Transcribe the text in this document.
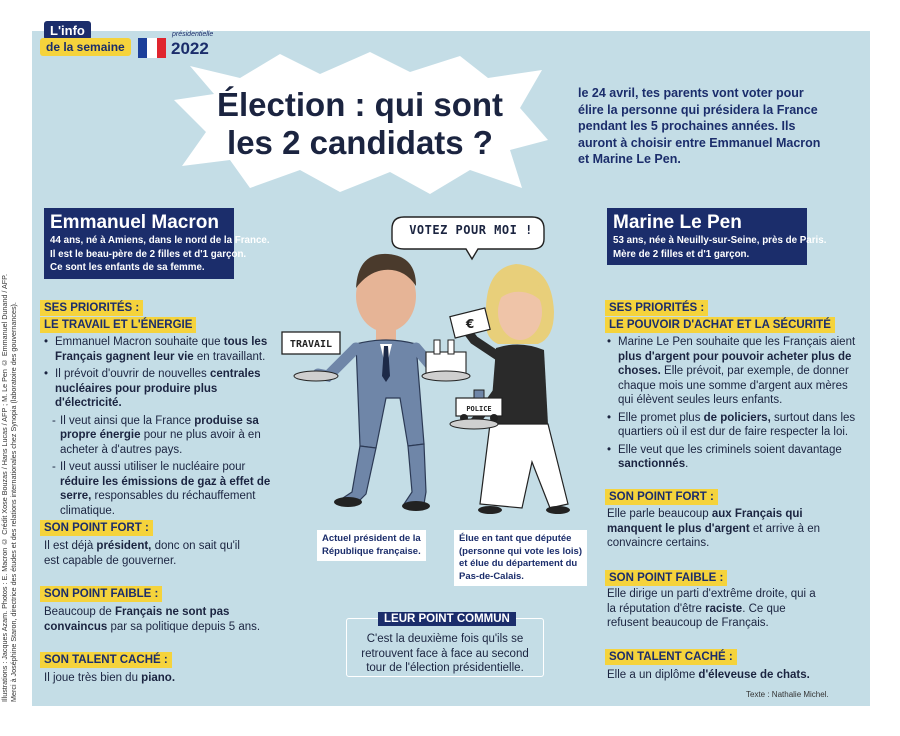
Illustrations : Jacques Azam. Photos : E. Macron © Crédit Xose Bouzas / Hans Lucas / AFP ; M. Le Pen © Emmanuel Dunand / AFP. Merci à Joséphine Staron, directrice des études et des relations internationales chez Synopia (laboratoire des gouvernances).
L'info
de la semaine
présidentielle
2022
Élection : qui sont
les 2 candidats ?
le 24 avril, tes parents vont voter pour élire la personne qui présidera la France pendant les 5 prochaines années. Ils auront à choisir entre Emmanuel Macron et Marine Le Pen.
Emmanuel Macron
44 ans, né à Amiens, dans le nord de la France.
Il est le beau-père de 2 filles et d'1 garçon.
Ce sont les enfants de sa femme.
Marine Le Pen
53 ans, née à Neuilly-sur-Seine, près de Paris.
Mère de 2 filles et d'1 garçon.
SES PRIORITÉS :
LE TRAVAIL ET L'ÉNERGIE
• Emmanuel Macron souhaite que tous les Français gagnent leur vie en travaillant.
• Il prévoit d'ouvrir de nouvelles centrales nucléaires pour produire plus d'électricité.
- Il veut ainsi que la France produise sa propre énergie pour ne plus avoir à en acheter à d'autres pays.
- Il veut aussi utiliser le nucléaire pour réduire les émissions de gaz à effet de serre, responsables du réchauffement climatique.
SON POINT FORT :
Il est déjà président, donc on sait qu'il est capable de gouverner.
SON POINT FAIBLE :
Beaucoup de Français ne sont pas convaincus par sa politique depuis 5 ans.
SON TALENT CACHÉ :
Il joue très bien du piano.
SES PRIORITÉS :
LE POUVOIR D'ACHAT ET LA SÉCURITÉ
• Marine Le Pen souhaite que les Français aient plus d'argent pour pouvoir acheter plus de choses. Elle prévoit, par exemple, de donner chaque mois une somme d'argent aux mères qui élèvent seules leurs enfants.
• Elle promet plus de policiers, surtout dans les quartiers où il est dur de faire respecter la loi.
• Elle veut que les criminels soient davantage sanctionnés.
SON POINT FORT :
Elle parle beaucoup aux Français qui manquent le plus d'argent et arrive à en convaincre certains.
SON POINT FAIBLE :
Elle dirige un parti d'extrême droite, qui a la réputation d'être raciste. Ce que refusent beaucoup de Français.
SON TALENT CACHÉ :
Elle a un diplôme d'éleveuse de chats.
VOTEZ POUR MOI !
TRAVAIL
€
POLICE
Actuel président de la
République française.
Élue en tant que députée
(personne qui vote les lois)
et élue du département du
Pas-de-Calais.
LEUR POINT COMMUN
C'est la deuxième fois qu'ils se retrouvent face à face au second tour de l'élection présidentielle.
Texte : Nathalie Michel.
